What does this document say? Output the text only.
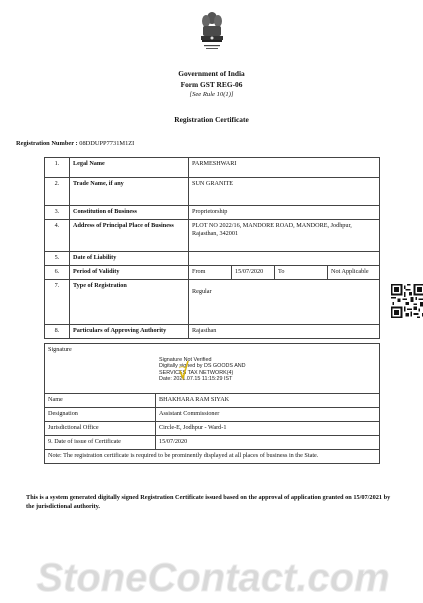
Government of India
Form GST REG-06
[See Rule 10(1)]
Registration Certificate
Registration Number : 08DDUPP7731M1ZI
1.	Legal Name	PARMESHWARI			
2.	Trade Name, if any	SUN GRANITE			
3.	Constitution of Business	Proprietorship			
4.	Address of Principal Place of Business	PLOT NO 2022/16, MANDORE ROAD, MANDORE, Jodhpur, Rajasthan, 342001			
5.	Date of Liability				
6.	Period of Validity	From	15/07/2020	To	Not Applicable
7.	Type of Registration	Regular			

8.	Particulars of Approving Authority	Rajasthan			
Signature
Signature Not Verified
Digitally signed by DS GOODS AND
SERVICES TAX NETWORK(4)
Date: 2021.07.15 11:15:29 IST	

Name	BHAKHARA RAM SIYAK
Designation	Assistant Commissioner
Jurisdictional Office	Circle-E, Jodhpur - Ward-1
9. Date of issue of Certificate	15/07/2020
Note: The registration certificate is required to be prominently displayed at all places of business in the State.	
This is a system generated digitally signed Registration Certificate issued based on the approval of application granted on 15/07/2021 by the jurisdictional authority.
StoneContact.com
